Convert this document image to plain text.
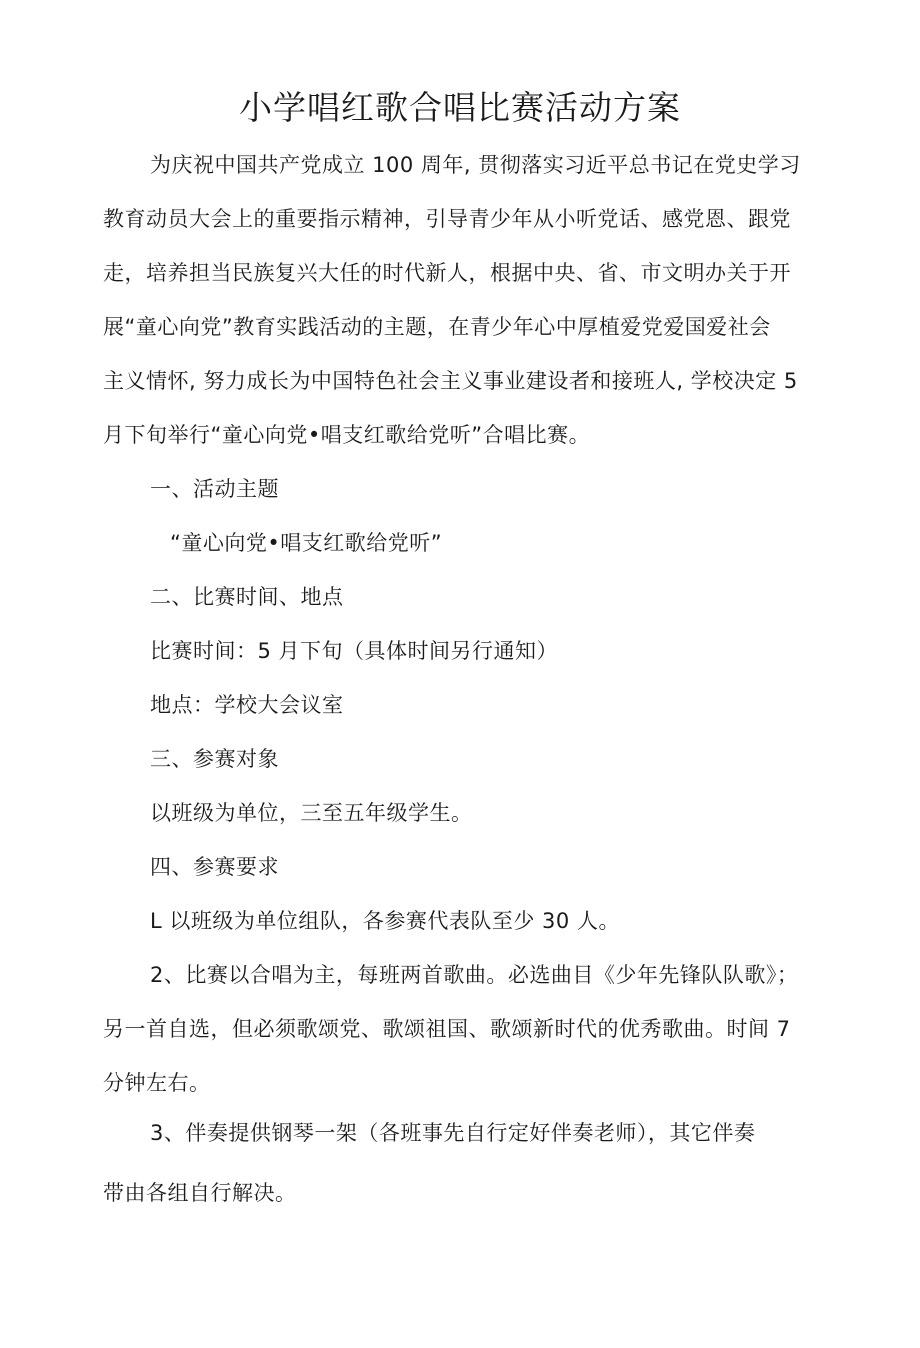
小学唱红歌合唱比赛活动方案

为庆祝中国共产党成立 100 周年, 贯彻落实习近平总书记在党史学习

教育动员大会上的重要指示精神，引导青少年从小听党话、感党恩、跟党

走，培养担当民族复兴大任的时代新人，根据中央、省、市文明办关于开

展“童心向党”教育实践活动的主题，在青少年心中厚植爱党爱国爱社会

主义情怀, 努力成长为中国特色社会主义事业建设者和接班人, 学校决定 5

月下旬举行“童心向党•唱支红歌给党听”合唱比赛。

一、活动主题

“童心向党•唱支红歌给党听”

二、比赛时间、地点

比赛时间：5 月下旬（具体时间另行通知）

地点：学校大会议室

三、参赛对象

以班级为单位，三至五年级学生。

四、参赛要求

L 以班级为单位组队，各参赛代表队至少 30 人。

2、比赛以合唱为主，每班两首歌曲。必选曲目《少年先锋队队歌》；

另一首自选，但必须歌颂党、歌颂祖国、歌颂新时代的优秀歌曲。时间 7

分钟左右。

3、伴奏提供钢琴一架（各班事先自行定好伴奏老师），其它伴奏

带由各组自行解决。
